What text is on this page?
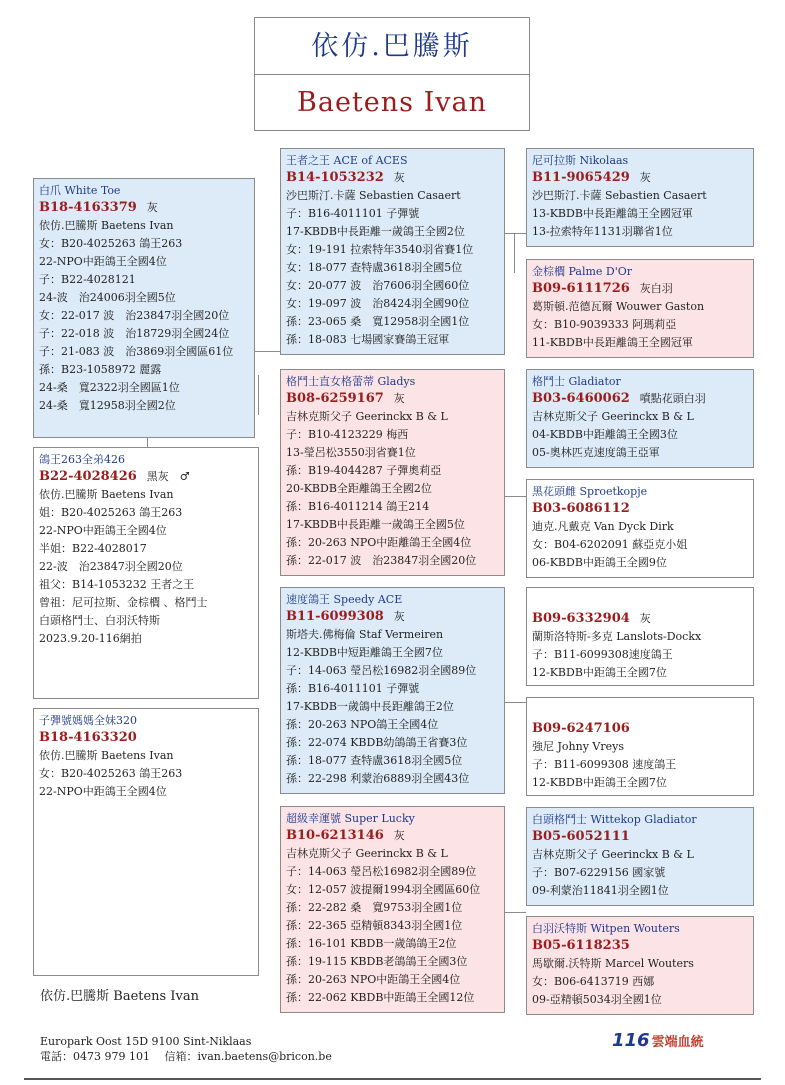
依仿.巴騰斯
Baetens Ivan
白爪 White Toe
B18-4163379 灰
依仿.巴騰斯 Baetens Ivan
女：B20-4025263 鴿王263
22-NPO中距鴿王全國4位
子：B22-4028121
24-波　治24006羽全國5位
女：22-017 波　治23847羽全國20位
子：22-018 波　治18729羽全國24位
子：21-083 波　治3869羽全國區61位
孫：B23-1058972 麗露
24-桑　寬2322羽全國區1位
24-桑　寬12958羽全國2位
鴿王263全弟426
B22-4028426 黑灰　♂
依仿.巴騰斯 Baetens Ivan
姐：B20-4025263 鴿王263
22-NPO中距鴿王全國4位
半姐：B22-4028017
22-波　治23847羽全國20位
祖父：B14-1053232 王者之王
曾祖：尼可拉斯、金棕櫚 、格鬥士
白頭格鬥士、白羽沃特斯
2023.9.20-116網拍
子彈號媽媽全妹320
B18-4163320
依仿.巴騰斯 Baetens Ivan
女：B20-4025263 鴿王263
22-NPO中距鴿王全國4位
王者之王 ACE of ACES
B14-1053232 灰
沙巴斯汀.卡薩 Sebastien Casaert
子：B16-4011101 子彈號
17-KBDB中長距離一歲鴿王全國2位
女：19-191 拉索特年3540羽省賽1位
女：18-077 查特盧3618羽全國5位
女：20-077 波　治7606羽全國60位
女：19-097 波　治8424羽全國90位
孫：23-065 桑　寬12958羽全國1位
孫：18-083 七場國家賽鴿王冠軍
格鬥士直女格蕾蒂 Gladys
B08-6259167 灰
吉林克斯父子 Geerinckx B & L
子：B10-4123229 梅西
13-瑩呂松3550羽省賽1位
孫：B19-4044287 子彈奧莉亞
20-KBDB全距離鴿王全國2位
孫：B16-4011214 鴿王214
17-KBDB中長距離一歲鴿王全國5位
孫：20-263 NPO中距離鴿王全國4位
孫：22-017 波　治23847羽全國20位
速度鴿王 Speedy ACE
B11-6099308 灰
斯塔夫.佛梅倫 Staf Vermeiren
12-KBDB中短距離鴿王全國7位
子：14-063 瑩呂松16982羽全國89位
孫：B16-4011101 子彈號
17-KBDB一歲鴿中長距離鴿王2位
孫：20-263 NPO鴿王全國4位
孫：22-074 KBDB幼鴿鴿王省賽3位
孫：18-077 查特盧3618羽全國5位
孫：22-298 利蒙治6889羽全國43位
超級幸運號 Super Lucky
B10-6213146 灰
吉林克斯父子 Geerinckx B & L
子：14-063 瑩呂松16982羽全國89位
女：12-057 波提爾1994羽全國區60位
孫：22-282 桑　寬9753羽全國1位
孫：22-365 亞精頓8343羽全國1位
孫：16-101 KBDB一歲鴿鴿王2位
孫：19-115 KBDB老鴿鴿王全國3位
孫：20-263 NPO中距鴿王全國4位
孫：22-062 KBDB中距鴿王全國12位
尼可拉斯 Nikolaas
B11-9065429 灰
沙巴斯汀.卡薩 Sebastien Casaert
13-KBDB中長距離鴿王全國冠軍
13-拉索特年1131羽聯省1位
金棕櫚 Palme D'Or
B09-6111726 灰白羽
葛斯頓.范德瓦爾 Wouwer Gaston
女：B10-9039333 阿瑪莉亞
11-KBDB中長距離鴿王全國冠軍
格鬥士 Gladiator
B03-6460062 噴點花頭白羽
吉林克斯父子 Geerinckx B & L
04-KBDB中距離鴿王全國3位
05-奧林匹克速度鴿王亞軍
黑花頭雌 Sproetkopje
B03-6086112
迪克.凡戴克 Van Dyck Dirk
女：B04-6202091 蘇亞克小姐
06-KBDB中距鴿王全國9位
B09-6332904 灰
蘭斯洛特斯-多克 Lanslots-Dockx
子：B11-6099308速度鴿王
12-KBDB中距鴿王全國7位
B09-6247106
強尼 Johny Vreys
子：B11-6099308 速度鴿王
12-KBDB中距鴿王全國7位
白頭格鬥士 Wittekop Gladiator
B05-6052111
吉林克斯父子 Geerinckx B & L
子：B07-6229156 國家號
09-利蒙治11841羽全國1位
白羽沃特斯 Witpen Wouters
B05-6118235
馬歇爾.沃特斯 Marcel Wouters
女：B06-6413719 西娜
09-亞精頓5034羽全國1位
依仿.巴騰斯 Baetens Ivan
Europark Oost 15D 9100 Sint-Niklaas
電話：0473 979 101　 信箱：ivan.baetens@bricon.be
116 雲端血統
